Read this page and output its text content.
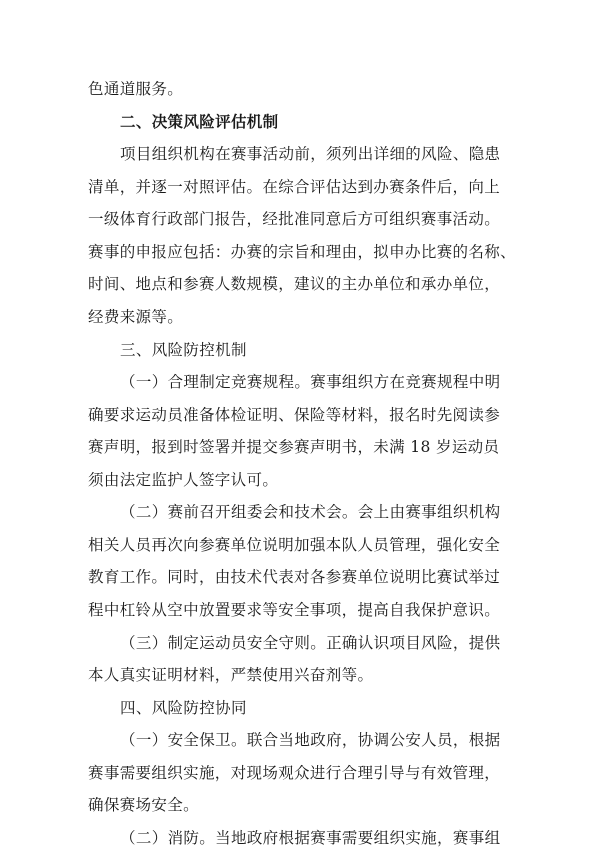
色通道服务。
二、决策风险评估机制
项目组织机构在赛事活动前，须列出详细的风险、隐患
清单，并逐一对照评估。在综合评估达到办赛条件后，向上
一级体育行政部门报告，经批准同意后方可组织赛事活动。
赛事的申报应包括：办赛的宗旨和理由，拟申办比赛的名称、
时间、地点和参赛人数规模，建议的主办单位和承办单位，
经费来源等。
三、风险防控机制
（一）合理制定竞赛规程。赛事组织方在竞赛规程中明
确要求运动员准备体检证明、保险等材料，报名时先阅读参
赛声明，报到时签署并提交参赛声明书，未满 18 岁运动员
须由法定监护人签字认可。
（二）赛前召开组委会和技术会。会上由赛事组织机构
相关人员再次向参赛单位说明加强本队人员管理，强化安全
教育工作。同时，由技术代表对各参赛单位说明比赛试举过
程中杠铃从空中放置要求等安全事项，提高自我保护意识。
（三）制定运动员安全守则。正确认识项目风险，提供
本人真实证明材料，严禁使用兴奋剂等。
四、风险防控协同
（一）安全保卫。联合当地政府，协调公安人员，根据
赛事需要组织实施，对现场观众进行合理引导与有效管理，
确保赛场安全。
（二）消防。当地政府根据赛事需要组织实施，赛事组
